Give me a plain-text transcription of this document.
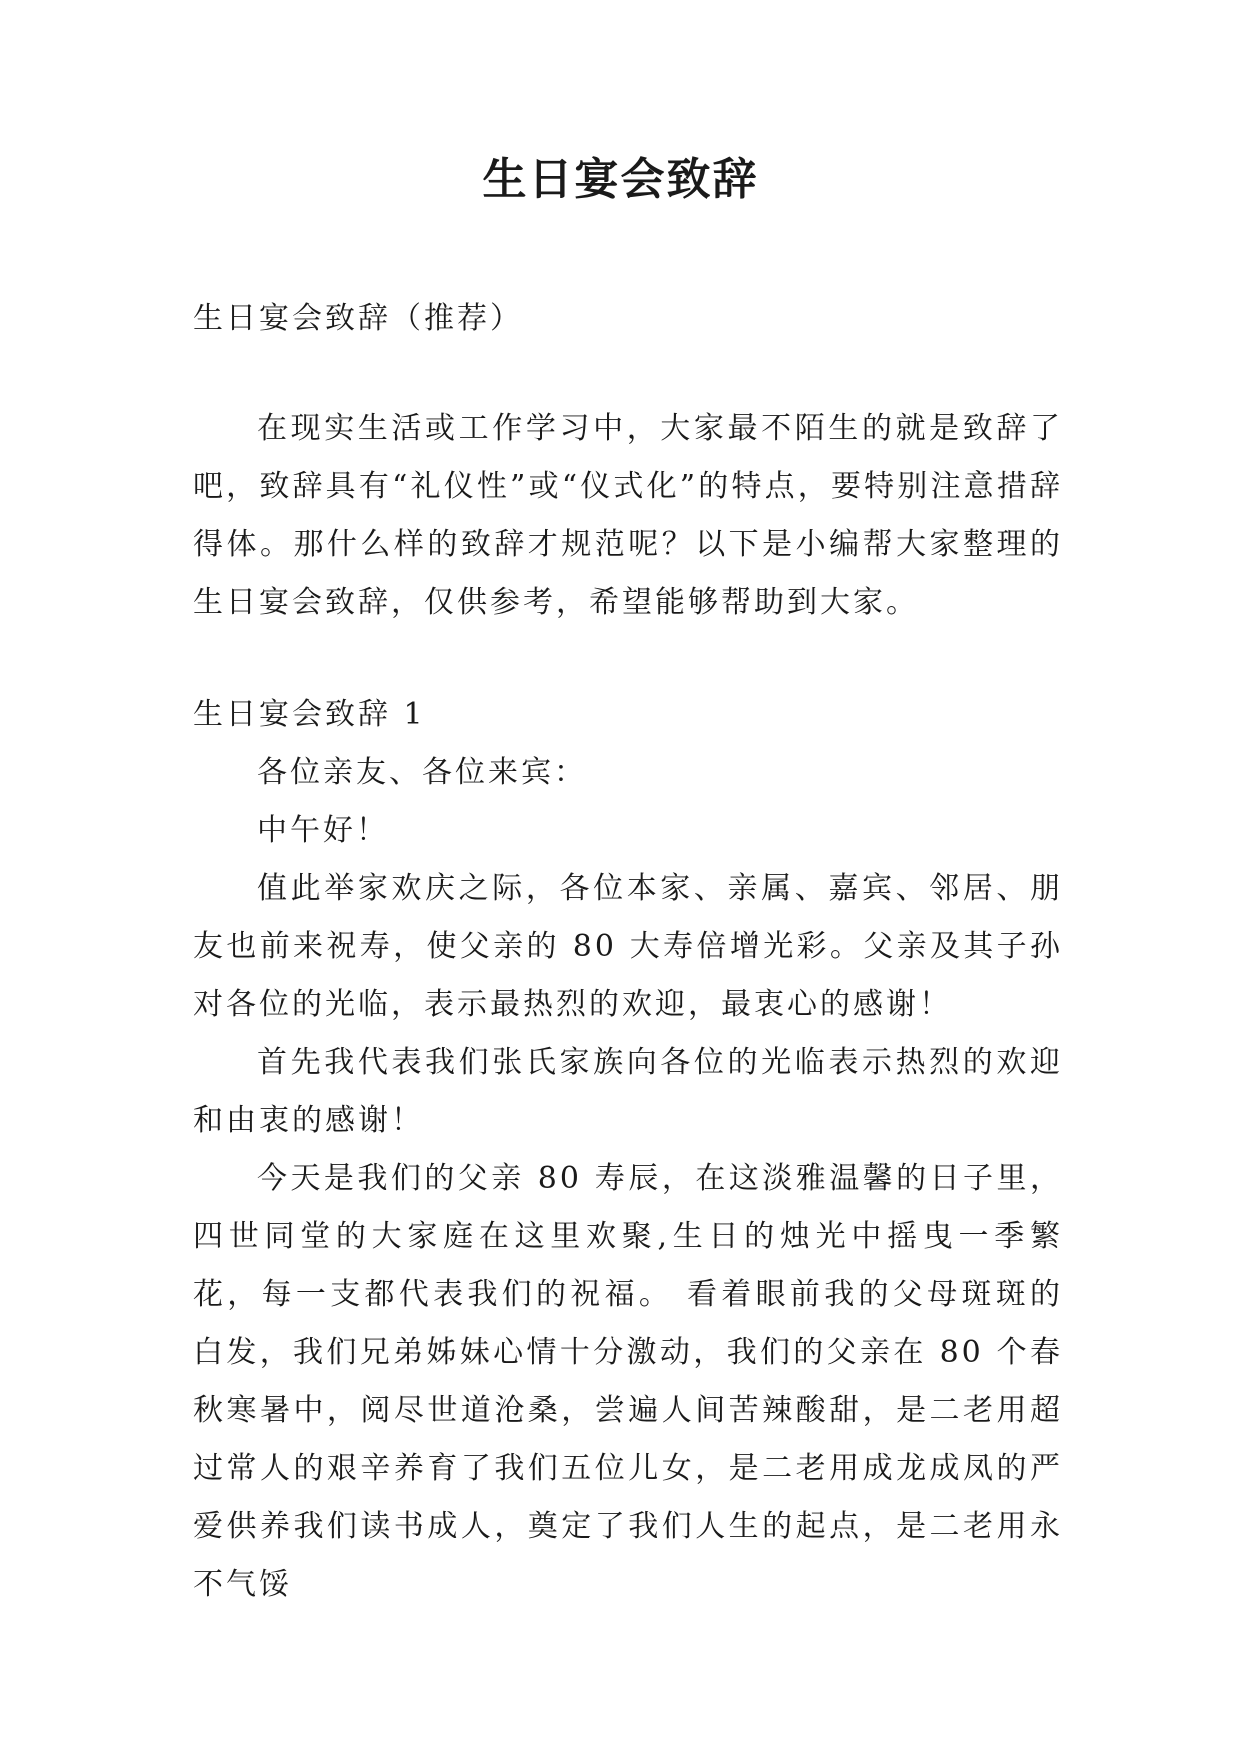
生日宴会致辞

生日宴会致辞（推荐）

在现实生活或工作学习中，大家最不陌生的就是致辞了吧，致辞具有“礼仪性”或“仪式化”的特点，要特别注意措辞得体。那什么样的致辞才规范呢？以下是小编帮大家整理的生日宴会致辞，仅供参考，希望能够帮助到大家。

生日宴会致辞 1

各位亲友、各位来宾：

中午好！

值此举家欢庆之际，各位本家、亲属、嘉宾、邻居、朋友也前来祝寿，使父亲的 80 大寿倍增光彩。父亲及其子孙对各位的光临，表示最热烈的欢迎，最衷心的感谢！

首先我代表我们张氏家族向各位的光临表示热烈的欢迎和由衷的感谢！

今天是我们的父亲 80 寿辰，在这淡雅温馨的日子里，四世同堂的大家庭在这里欢聚,生日的烛光中摇曳一季繁花，每一支都代表我们的祝福。 看着眼前我的父母斑斑的白发，我们兄弟姊妹心情十分激动，我们的父亲在 80 个春秋寒暑中，阅尽世道沧桑，尝遍人间苦辣酸甜，是二老用超过常人的艰辛养育了我们五位儿女，是二老用成龙成凤的严爱供养我们读书成人，奠定了我们人生的起点，是二老用永不气馁
